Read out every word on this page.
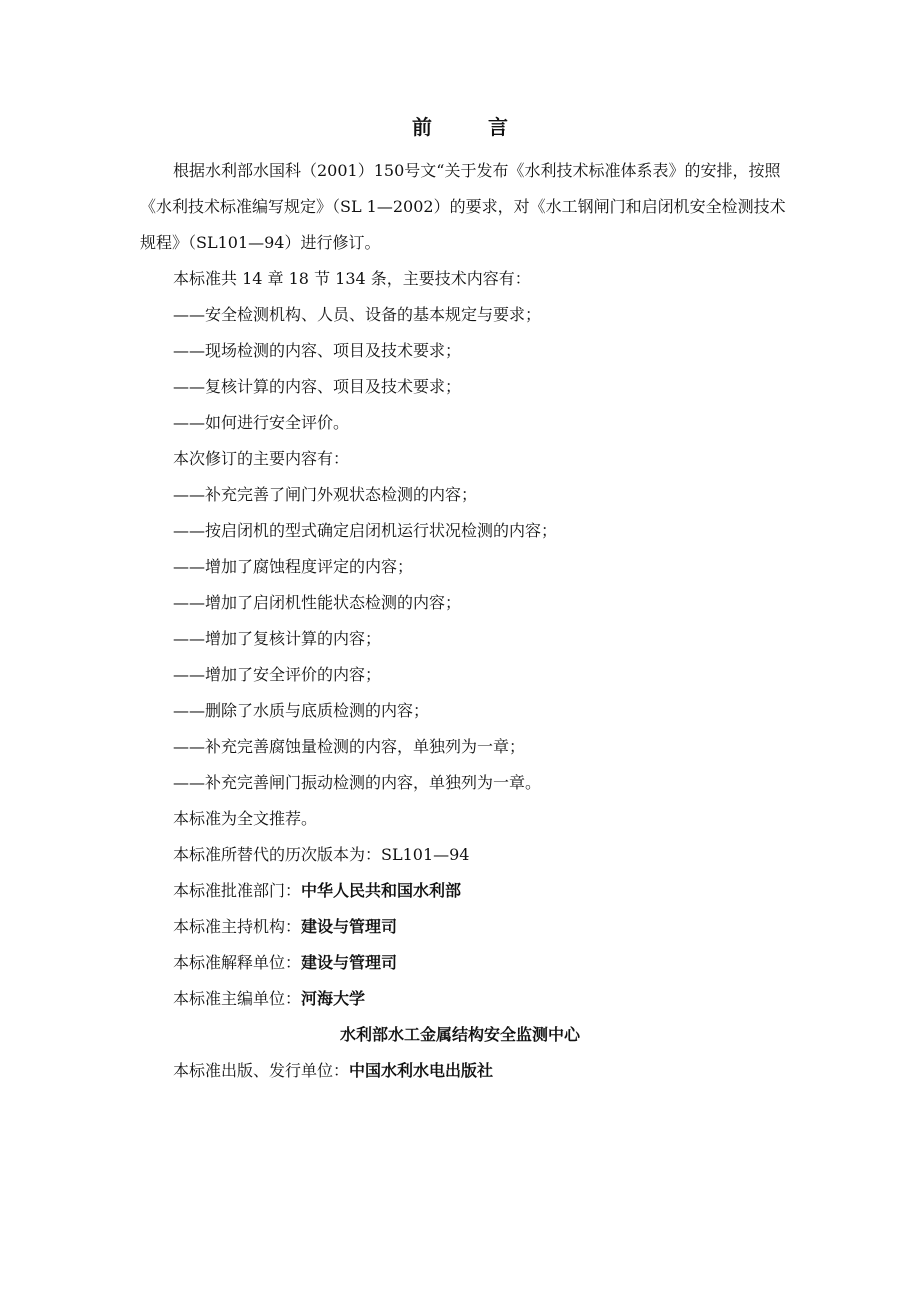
前　言

根据水利部水国科（2001）150号文“关于发布《水利技术标准体系表》的安排，按照《水利技术标准编写规定》（SL 1—2002）的要求，对《水工钢闸门和启闭机安全检测技术规程》（SL101—94）进行修订。

本标准共 14 章 18 节 134 条，主要技术内容有：
——安全检测机构、人员、设备的基本规定与要求；
——现场检测的内容、项目及技术要求；
——复核计算的内容、项目及技术要求；
——如何进行安全评价。
本次修订的主要内容有：
——补充完善了闸门外观状态检测的内容；
——按启闭机的型式确定启闭机运行状况检测的内容；
——增加了腐蚀程度评定的内容；
——增加了启闭机性能状态检测的内容；
——增加了复核计算的内容；
——增加了安全评价的内容；
——删除了水质与底质检测的内容；
——补充完善腐蚀量检测的内容，单独列为一章；
——补充完善闸门振动检测的内容，单独列为一章。
本标准为全文推荐。
本标准所替代的历次版本为：SL101—94
本标准批准部门：中华人民共和国水利部
本标准主持机构：建设与管理司
本标准解释单位：建设与管理司
本标准主编单位：河海大学
水利部水工金属结构安全监测中心
本标准出版、发行单位：中国水利水电出版社
